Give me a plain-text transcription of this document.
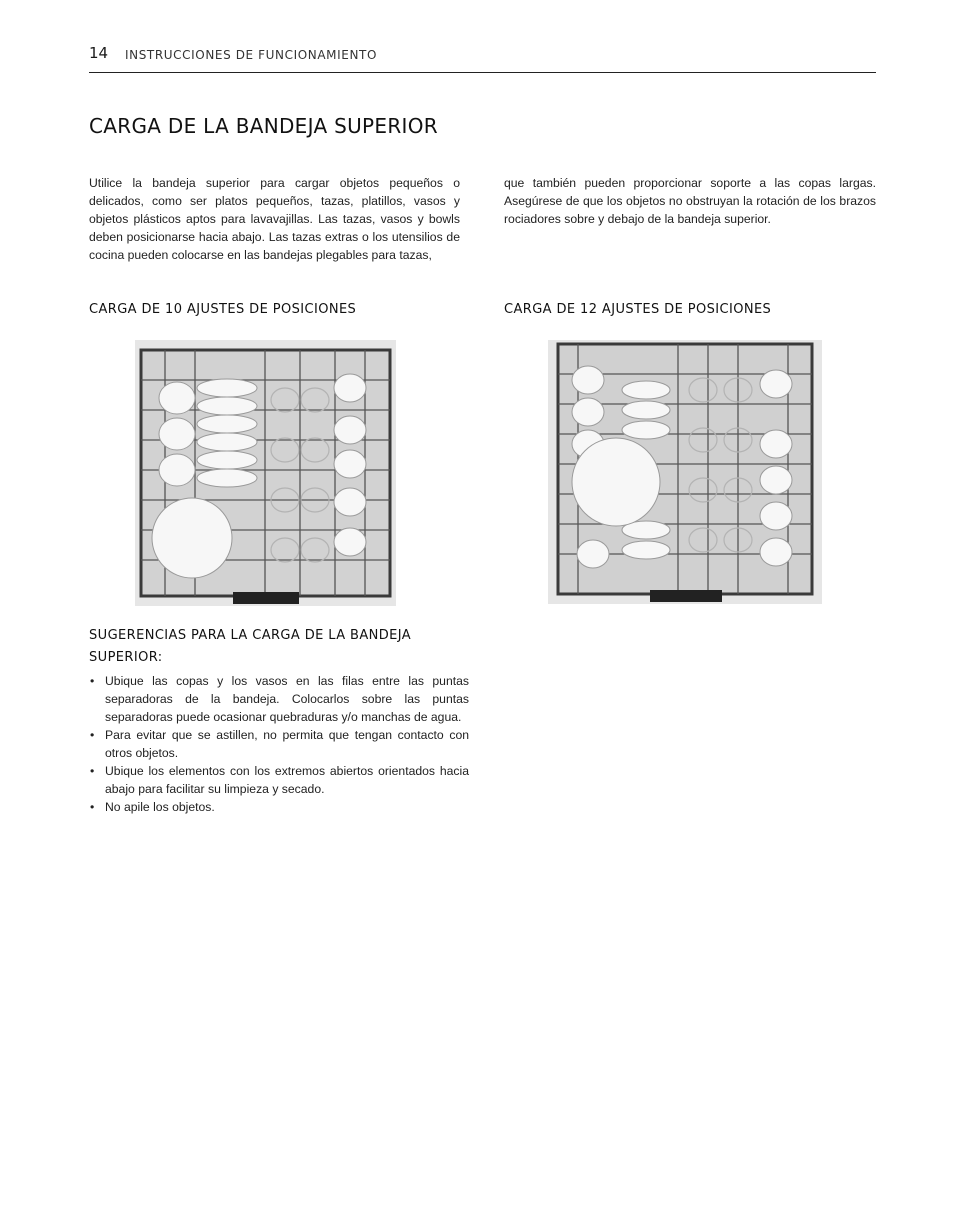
14 INSTRUCCIONES DE FUNCIONAMIENTO
CARGA DE LA BANDEJA SUPERIOR

Utilice la bandeja superior para cargar objetos pequeños o delicados, como ser platos pequeños, tazas, platillos, vasos y objetos plásticos aptos para lavavajillas. Las tazas, vasos y bowls deben posicionarse hacia abajo. Las tazas extras o los utensilios de cocina pueden colocarse en las bandejas plegables para tazas,

que también pueden proporcionar soporte a las copas largas. Asegúrese de que los objetos no obstruyan la rotación de los brazos rociadores sobre y debajo de la bandeja superior.

CARGA DE 10 AJUSTES DE POSICIONES	CARGA DE 12 AJUSTES DE POSICIONES
SUGERENCIAS PARA LA CARGA DE LA BANDEJA SUPERIOR:
• Ubique las copas y los vasos en las filas entre las puntas separadoras de la bandeja. Colocarlos sobre las puntas separadoras puede ocasionar quebraduras y/o manchas de agua.
• Para evitar que se astillen, no permita que tengan contacto con otros objetos.
• Ubique los elementos con los extremos abiertos orientados hacia abajo para facilitar su limpieza y secado.
• No apile los objetos.
